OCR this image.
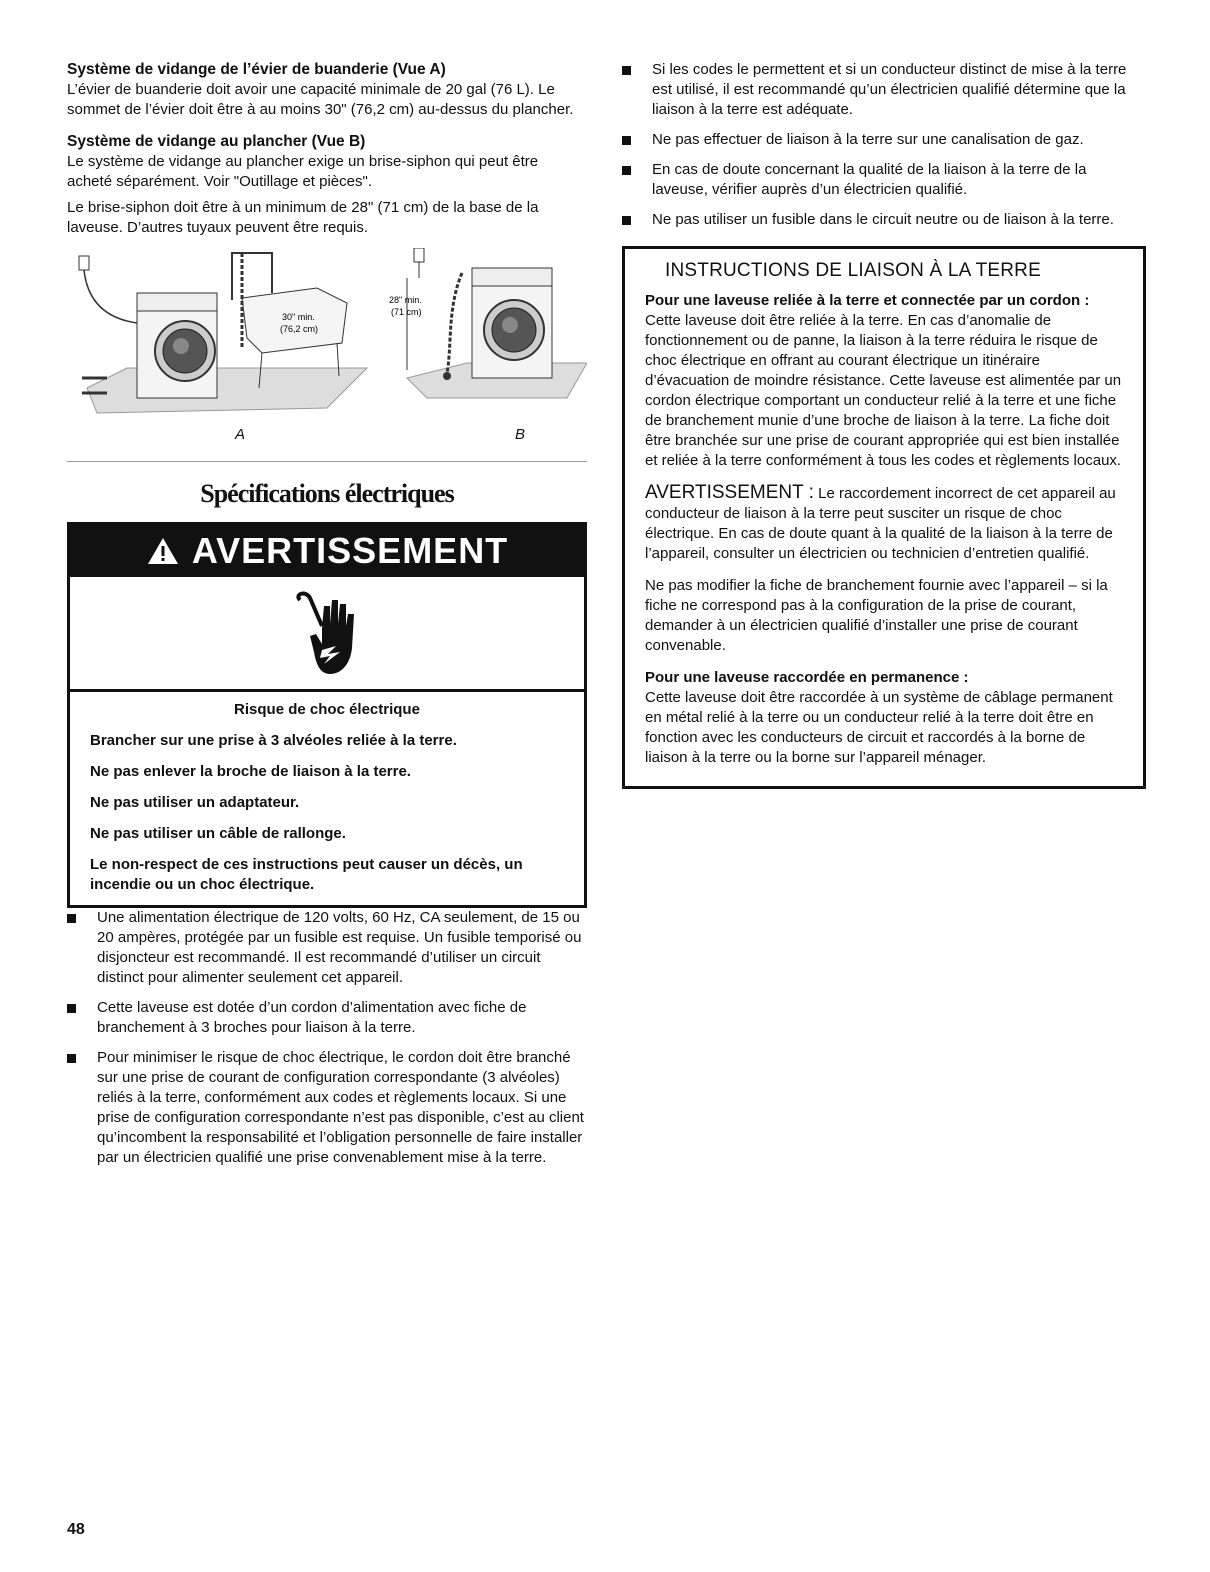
Système de vidange de l’évier de buanderie (Vue A)

L’évier de buanderie doit avoir une capacité minimale de 20 gal (76 L). Le sommet de l’évier doit être à au moins 30" (76,2 cm) au-dessus du plancher.

Système de vidange au plancher (Vue B)

Le système de vidange au plancher exige un brise-siphon qui peut être acheté séparément. Voir "Outillage et pièces".

Le brise-siphon doit être à un minimum de 28" (71 cm) de la base de la laveuse. D’autres tuyaux peuvent être requis.

30" min.
(76,2 cm)
28" min.
(71 cm)
A	B
Spécifications électriques
AVERTISSEMENT

Risque de choc électrique

Brancher sur une prise à 3 alvéoles reliée à la terre.

Ne pas enlever la broche de liaison à la terre.

Ne pas utiliser un adaptateur.

Ne pas utiliser un câble de rallonge.

Le non-respect de ces instructions peut causer un décès, un incendie ou un choc électrique.

Une alimentation électrique de 120 volts, 60 Hz, CA seulement, de 15 ou 20 ampères, protégée par un fusible est requise. Un fusible temporisé ou disjoncteur est recommandé. Il est recommandé d’utiliser un circuit distinct pour alimenter seulement cet appareil.
Cette laveuse est dotée d’un cordon d’alimentation avec fiche de branchement à 3 broches pour liaison à la terre.
Pour minimiser le risque de choc électrique, le cordon doit être branché sur une prise de courant de configuration correspondante (3 alvéoles) reliés à la terre, conformément aux codes et règlements locaux. Si une prise de configuration correspondante n’est pas disponible, c’est au client qu’incombent la responsabilité et l’obligation personnelle de faire installer par un électricien qualifié une prise convenablement mise à la terre.
Si les codes le permettent et si un conducteur distinct de mise à la terre est utilisé, il est recommandé qu’un électricien qualifié détermine que la liaison à la terre est adéquate.
Ne pas effectuer de liaison à la terre sur une canalisation de gaz.
En cas de doute concernant la qualité de la liaison à la terre de la laveuse, vérifier auprès d’un électricien qualifié.
Ne pas utiliser un fusible dans le circuit neutre ou de liaison à la terre.
INSTRUCTIONS DE LIAISON À LA TERRE

Pour une laveuse reliée à la terre et connectée par un cordon :

Cette laveuse doit être reliée à la terre. En cas d’anomalie de fonctionnement ou de panne, la liaison à la terre réduira le risque de choc électrique en offrant au courant électrique un itinéraire d’évacuation de moindre résistance. Cette laveuse est alimentée par un cordon électrique comportant un conducteur relié à la terre et une fiche de branchement munie d’une broche de liaison à la terre. La fiche doit être branchée sur une prise de courant appropriée qui est bien installée et reliée à la terre conformément à tous les codes et règlements locaux.

AVERTISSEMENT : Le raccordement incorrect de cet appareil au conducteur de liaison à la terre peut susciter un risque de choc électrique. En cas de doute quant à la qualité de la liaison à la terre de l’appareil, consulter un électricien ou technicien d’entretien qualifié.

Ne pas modifier la fiche de branchement fournie avec l’appareil – si la fiche ne correspond pas à la configuration de la prise de courant, demander à un électricien qualifié d’installer une prise de courant convenable.

Pour une laveuse raccordée en permanence :

Cette laveuse doit être raccordée à un système de câblage permanent en métal relié à la terre ou un conducteur relié à la terre doit être en fonction avec les conducteurs de circuit et raccordés à la borne de liaison à la terre ou la borne sur l’appareil ménager.

48
